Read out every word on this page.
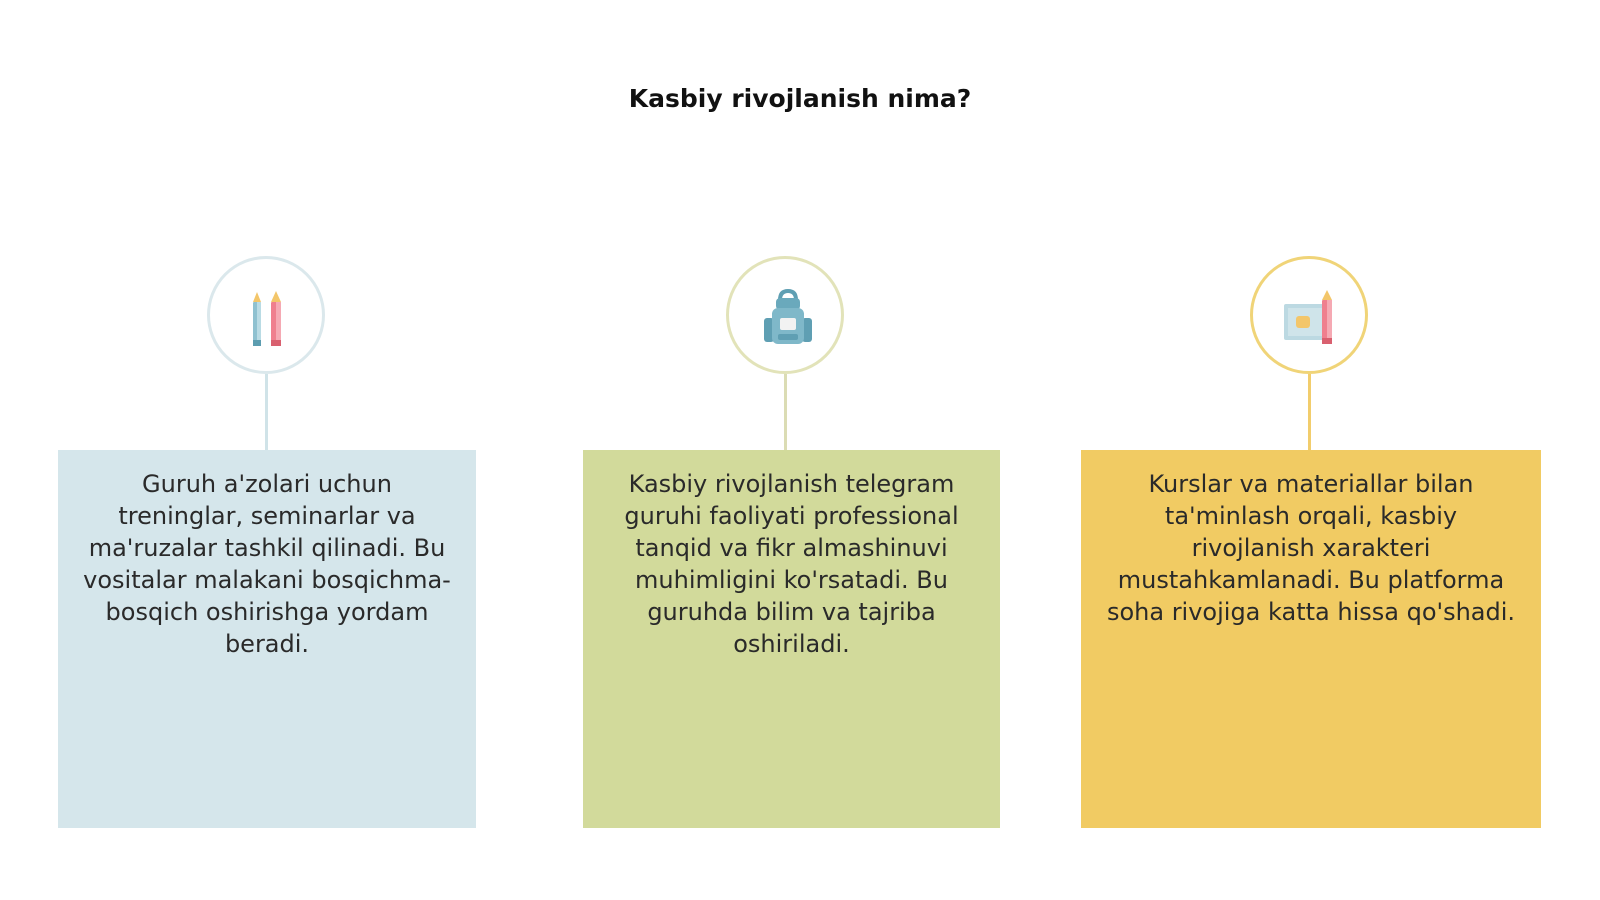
Kasbiy rivojlanish nima?

Guruh a'zolari uchun treninglar, seminarlar va ma'ruzalar tashkil qilinadi. Bu vositalar malakani bosqichma-bosqich oshirishga yordam beradi.

Kasbiy rivojlanish telegram guruhi faoliyati professional tanqid va fikr almashinuvi muhimligini ko'rsatadi. Bu guruhda bilim va tajriba oshiriladi.

Kurslar va materiallar bilan ta'minlash orqali, kasbiy rivojlanish xarakteri mustahkamlanadi. Bu platforma soha rivojiga katta hissa qo'shadi.
